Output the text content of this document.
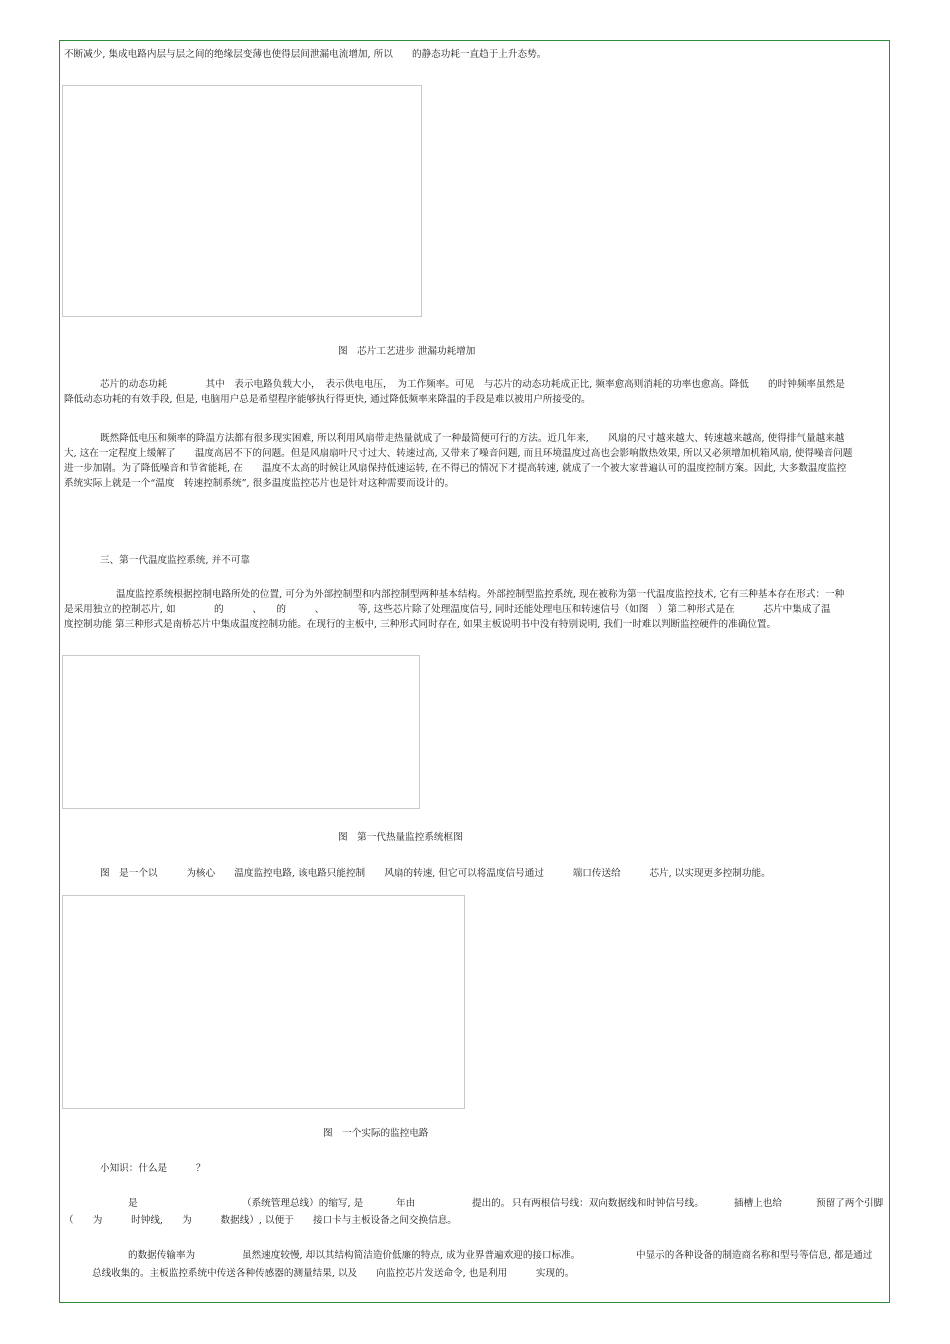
不断减少, 集成电路内层与层之间的绝缘层变薄也使得层间泄漏电流增加, 所以　　的静态功耗一直趋于上升态势。
图　芯片工艺进步 泄漏功耗增加
芯片的动态功耗　　　　其中　表示电路负载大小，　表示供电电压，　为工作频率。可见　与芯片的动态功耗成正比, 频率愈高则消耗的功率也愈高。降低　　的时钟频率虽然是
降低动态功耗的有效手段, 但是, 电脑用户总是希望程序能够执行得更快, 通过降低频率来降温的手段是难以被用户所接受的。
既然降低电压和频率的降温方法都有很多现实困难, 所以利用风扇带走热量就成了一种最简便可行的方法。近几年来,　　风扇的尺寸越来越大、转速越来越高, 使得排气量越来越
大, 这在一定程度上缓解了　　温度高居不下的问题。但是风扇扇叶尺寸过大、转速过高, 又带来了噪音问题, 而且环境温度过高也会影响散热效果, 所以又必须增加机箱风扇, 使得噪音问题
进一步加剧。为了降低噪音和节省能耗, 在　　温度不太高的时候让风扇保持低速运转, 在不得已的情况下才提高转速, 就成了一个被大家普遍认可的温度控制方案。因此, 大多数温度监控
系统实际上就是一个“温度　转速控制系统”, 很多温度监控芯片也是针对这种需要而设计的。
三、第一代温度监控系统, 并不可靠
温度监控系统根据控制电路所处的位置, 可分为外部控制型和内部控制型两种基本结构。外部控制型监控系统, 现在被称为第一代温度监控技术, 它有三种基本存在形式：一种
是采用独立的控制芯片, 如　　　　的　　　、　　的　　　、　　　　等, 这些芯片除了处理温度信号, 同时还能处理电压和转速信号（如图　）第二种形式是在　　　芯片中集成了温
度控制功能 第三种形式是南桥芯片中集成温度控制功能。在现行的主板中, 三种形式同时存在, 如果主板说明书中没有特别说明, 我们一时难以判断监控硬件的准确位置。
图　第一代热量监控系统框图
图　是一个以　　　为核心　　温度监控电路, 该电路只能控制　　风扇的转速, 但它可以将温度信号通过　　　端口传送给　　　芯片, 以实现更多控制功能。
图　一个实际的监控电路
小知识：什么是　　　？
是	（系统管理总线）的缩写, 是	年由	提出的。 只有两根信号线：双向数据线和时钟信号线。	插槽上也给	预留了两个引脚
（　　为　　　时钟线,　　为　　　数据线）, 以便于　　接口卡与主板设备之间交换信息。
的数据传输率为	虽然速度较慢, 却以其结构简洁造价低廉的特点, 成为业界普遍欢迎的接口标准。	中显示的各种设备的制造商名称和型号等信息, 都是通过
总线收集的。主板监控系统中传送各种传感器的测量结果, 以及　　向监控芯片发送命令, 也是利用　　　实现的。
